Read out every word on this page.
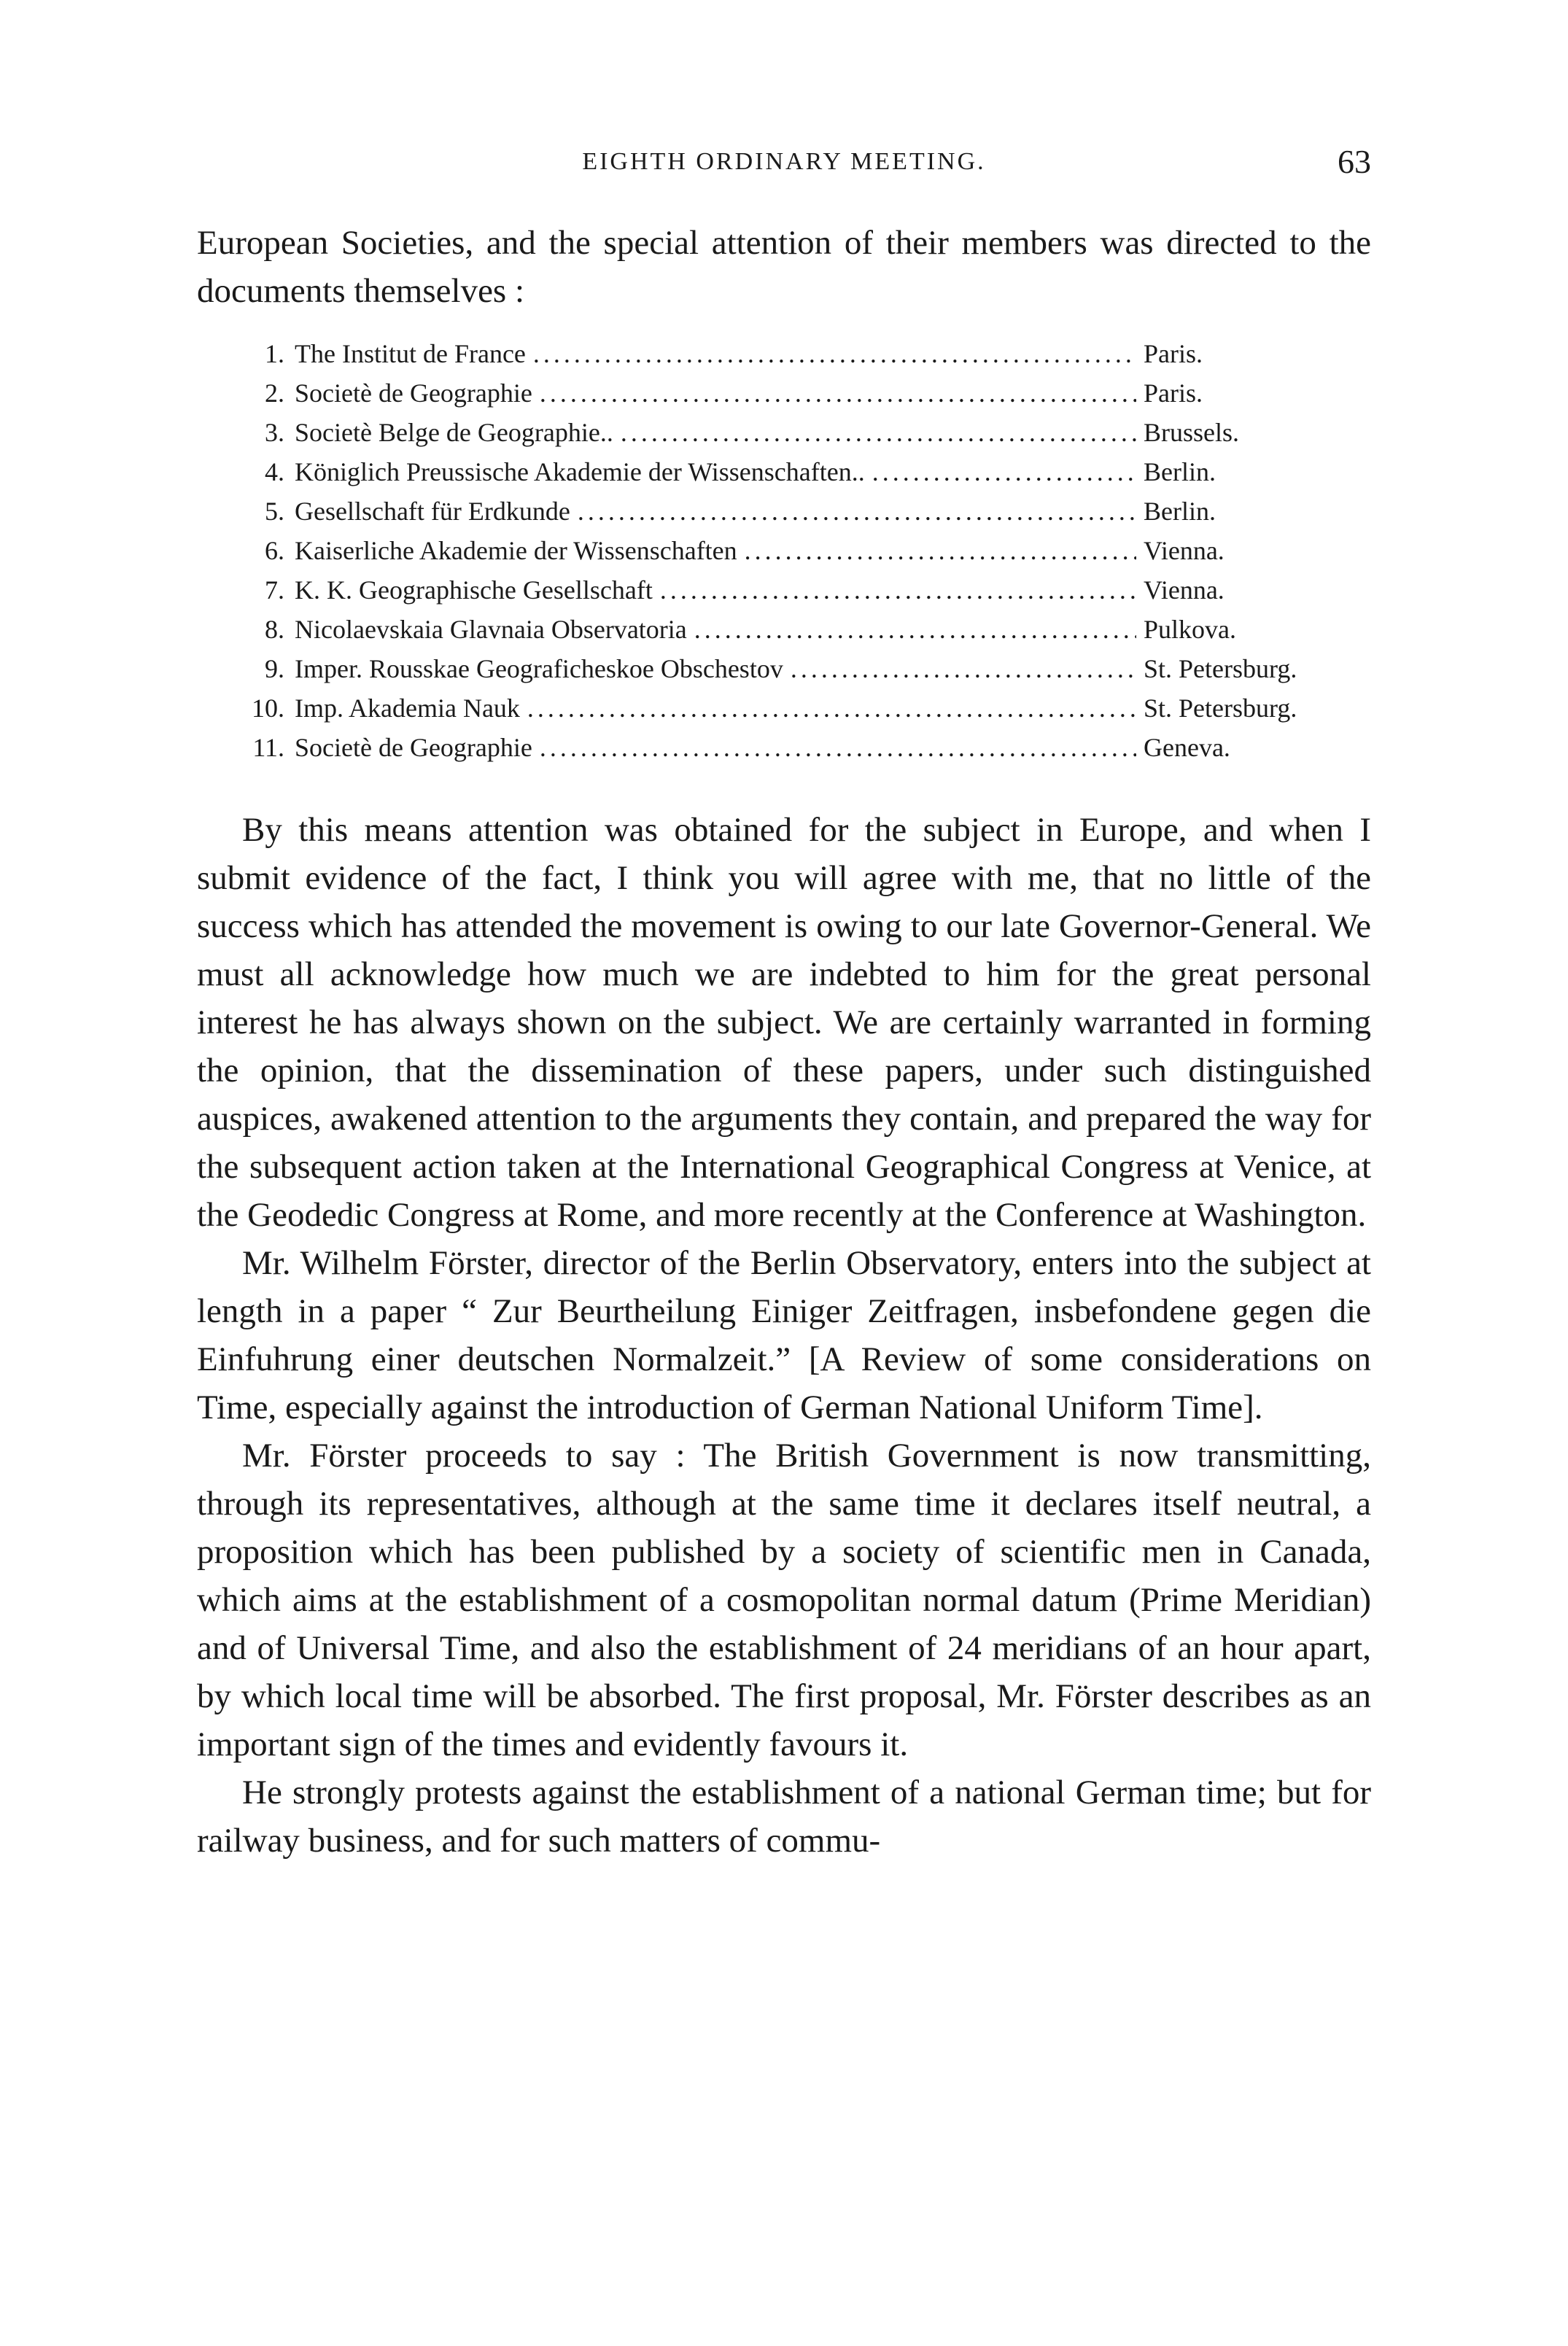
EIGHTH ORDINARY MEETING.	63

European Societies, and the special attention of their members was directed to the documents themselves :

1. The Institut de France .....	Paris.
2. Societè de Geographie .....	Paris.
3. Societè Belge de Geographie.. .....	Brussels.
4. Königlich Preussische Akademie der Wissenschaften.. .....	Berlin.
5. Gesellschaft für Erdkunde .....	Berlin.
6. Kaiserliche Akademie der Wissenschaften .....	Vienna.
7. K. K. Geographische Gesellschaft .....	Vienna.
8. Nicolaevskaia Glavnaia Observatoria .....	Pulkova.
9. Imper. Rousskae Geograficheskoe Obschestov .....	St. Petersburg.
10. Imp. Akademia Nauk .....	St. Petersburg.
11. Societè de Geographie .....	Geneva.

By this means attention was obtained for the subject in Europe, and when I submit evidence of the fact, I think you will agree with me, that no little of the success which has attended the movement is owing to our late Governor-General. We must all acknowledge how much we are indebted to him for the great personal interest he has always shown on the subject. We are certainly warranted in forming the opinion, that the dissemination of these papers, under such distinguished auspices, awakened attention to the arguments they contain, and prepared the way for the subsequent action taken at the International Geographical Congress at Venice, at the Geodedic Congress at Rome, and more recently at the Conference at Washington.

Mr. Wilhelm Förster, director of the Berlin Observatory, enters into the subject at length in a paper “ Zur Beurtheilung Einiger Zeitfragen, insbefondene gegen die Einfuhrung einer deutschen Normalzeit.” [A Review of some considerations on Time, especially against the introduction of German National Uniform Time].

Mr. Förster proceeds to say : The British Government is now transmitting, through its representatives, although at the same time it declares itself neutral, a proposition which has been published by a society of scientific men in Canada, which aims at the establishment of a cosmopolitan normal datum (Prime Meridian) and of Universal Time, and also the establishment of 24 meridians of an hour apart, by which local time will be absorbed. The first proposal, Mr. Förster describes as an important sign of the times and evidently favours it.

He strongly protests against the establishment of a national German time; but for railway business, and for such matters of commu-
